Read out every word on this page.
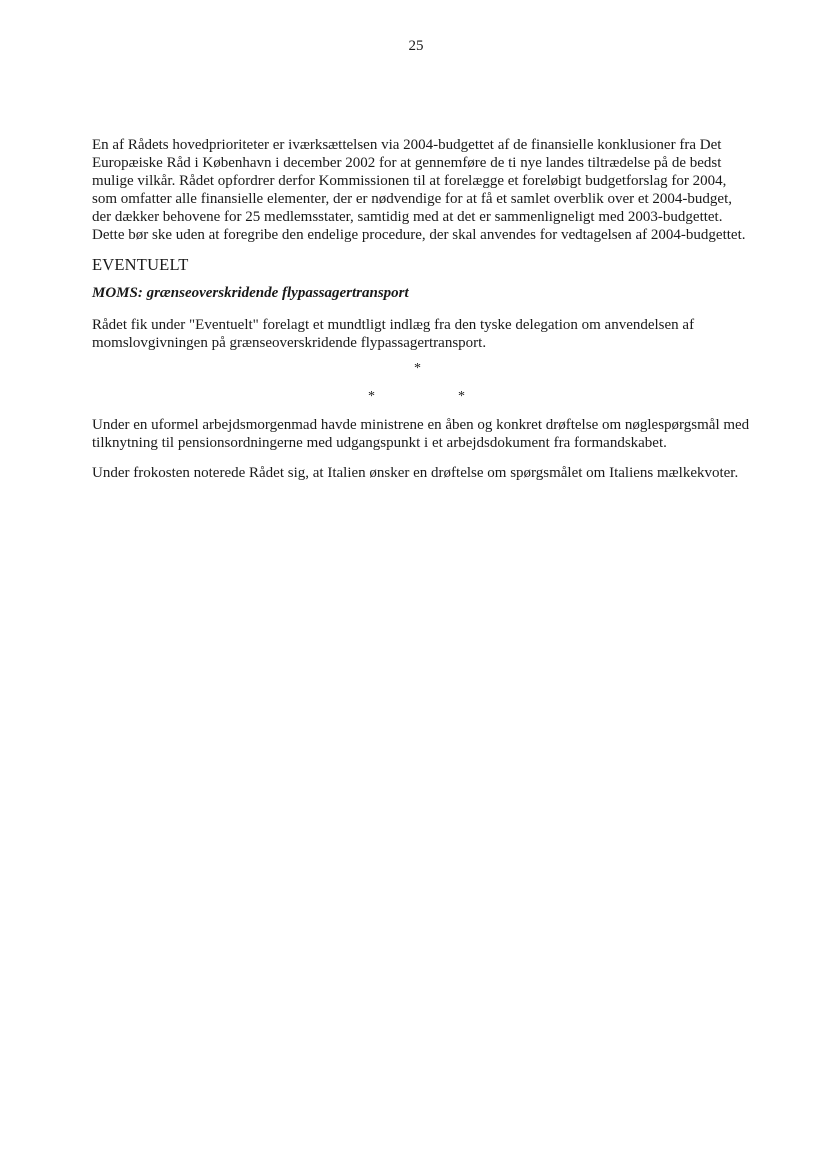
25

En af Rådets hovedprioriteter er iværksættelsen via 2004-budgettet af de finansielle konklusioner fra Det Europæiske Råd i København i december 2002 for at gennemføre de ti nye landes tiltrædelse på de bedst mulige vilkår. Rådet opfordrer derfor Kommissionen til at forelægge et foreløbigt budgetforslag for 2004, som omfatter alle finansielle elementer, der er nødvendige for at få et samlet overblik over et 2004-budget, der dækker behovene for 25 medlemsstater, samtidig med at det er sammenligneligt med 2003-budgettet. Dette bør ske uden at foregribe den endelige procedure, der skal anvendes for vedtagelsen af 2004-budgettet.

EVENTUELT
MOMS: grænseoverskridende flypassagertransport

Rådet fik under "Eventuelt" forelagt et mundtligt indlæg fra den tyske delegation om anvendelsen af momslovgivningen på grænseoverskridende flypassagertransport.

*
*	*

Under en uformel arbejdsmorgenmad havde ministrene en åben og konkret drøftelse om nøglespørgsmål med tilknytning til pensionsordningerne med udgangspunkt i et arbejdsdokument fra formandskabet.

Under frokosten noterede Rådet sig, at Italien ønsker en drøftelse om spørgsmålet om Italiens mælkekvoter.
